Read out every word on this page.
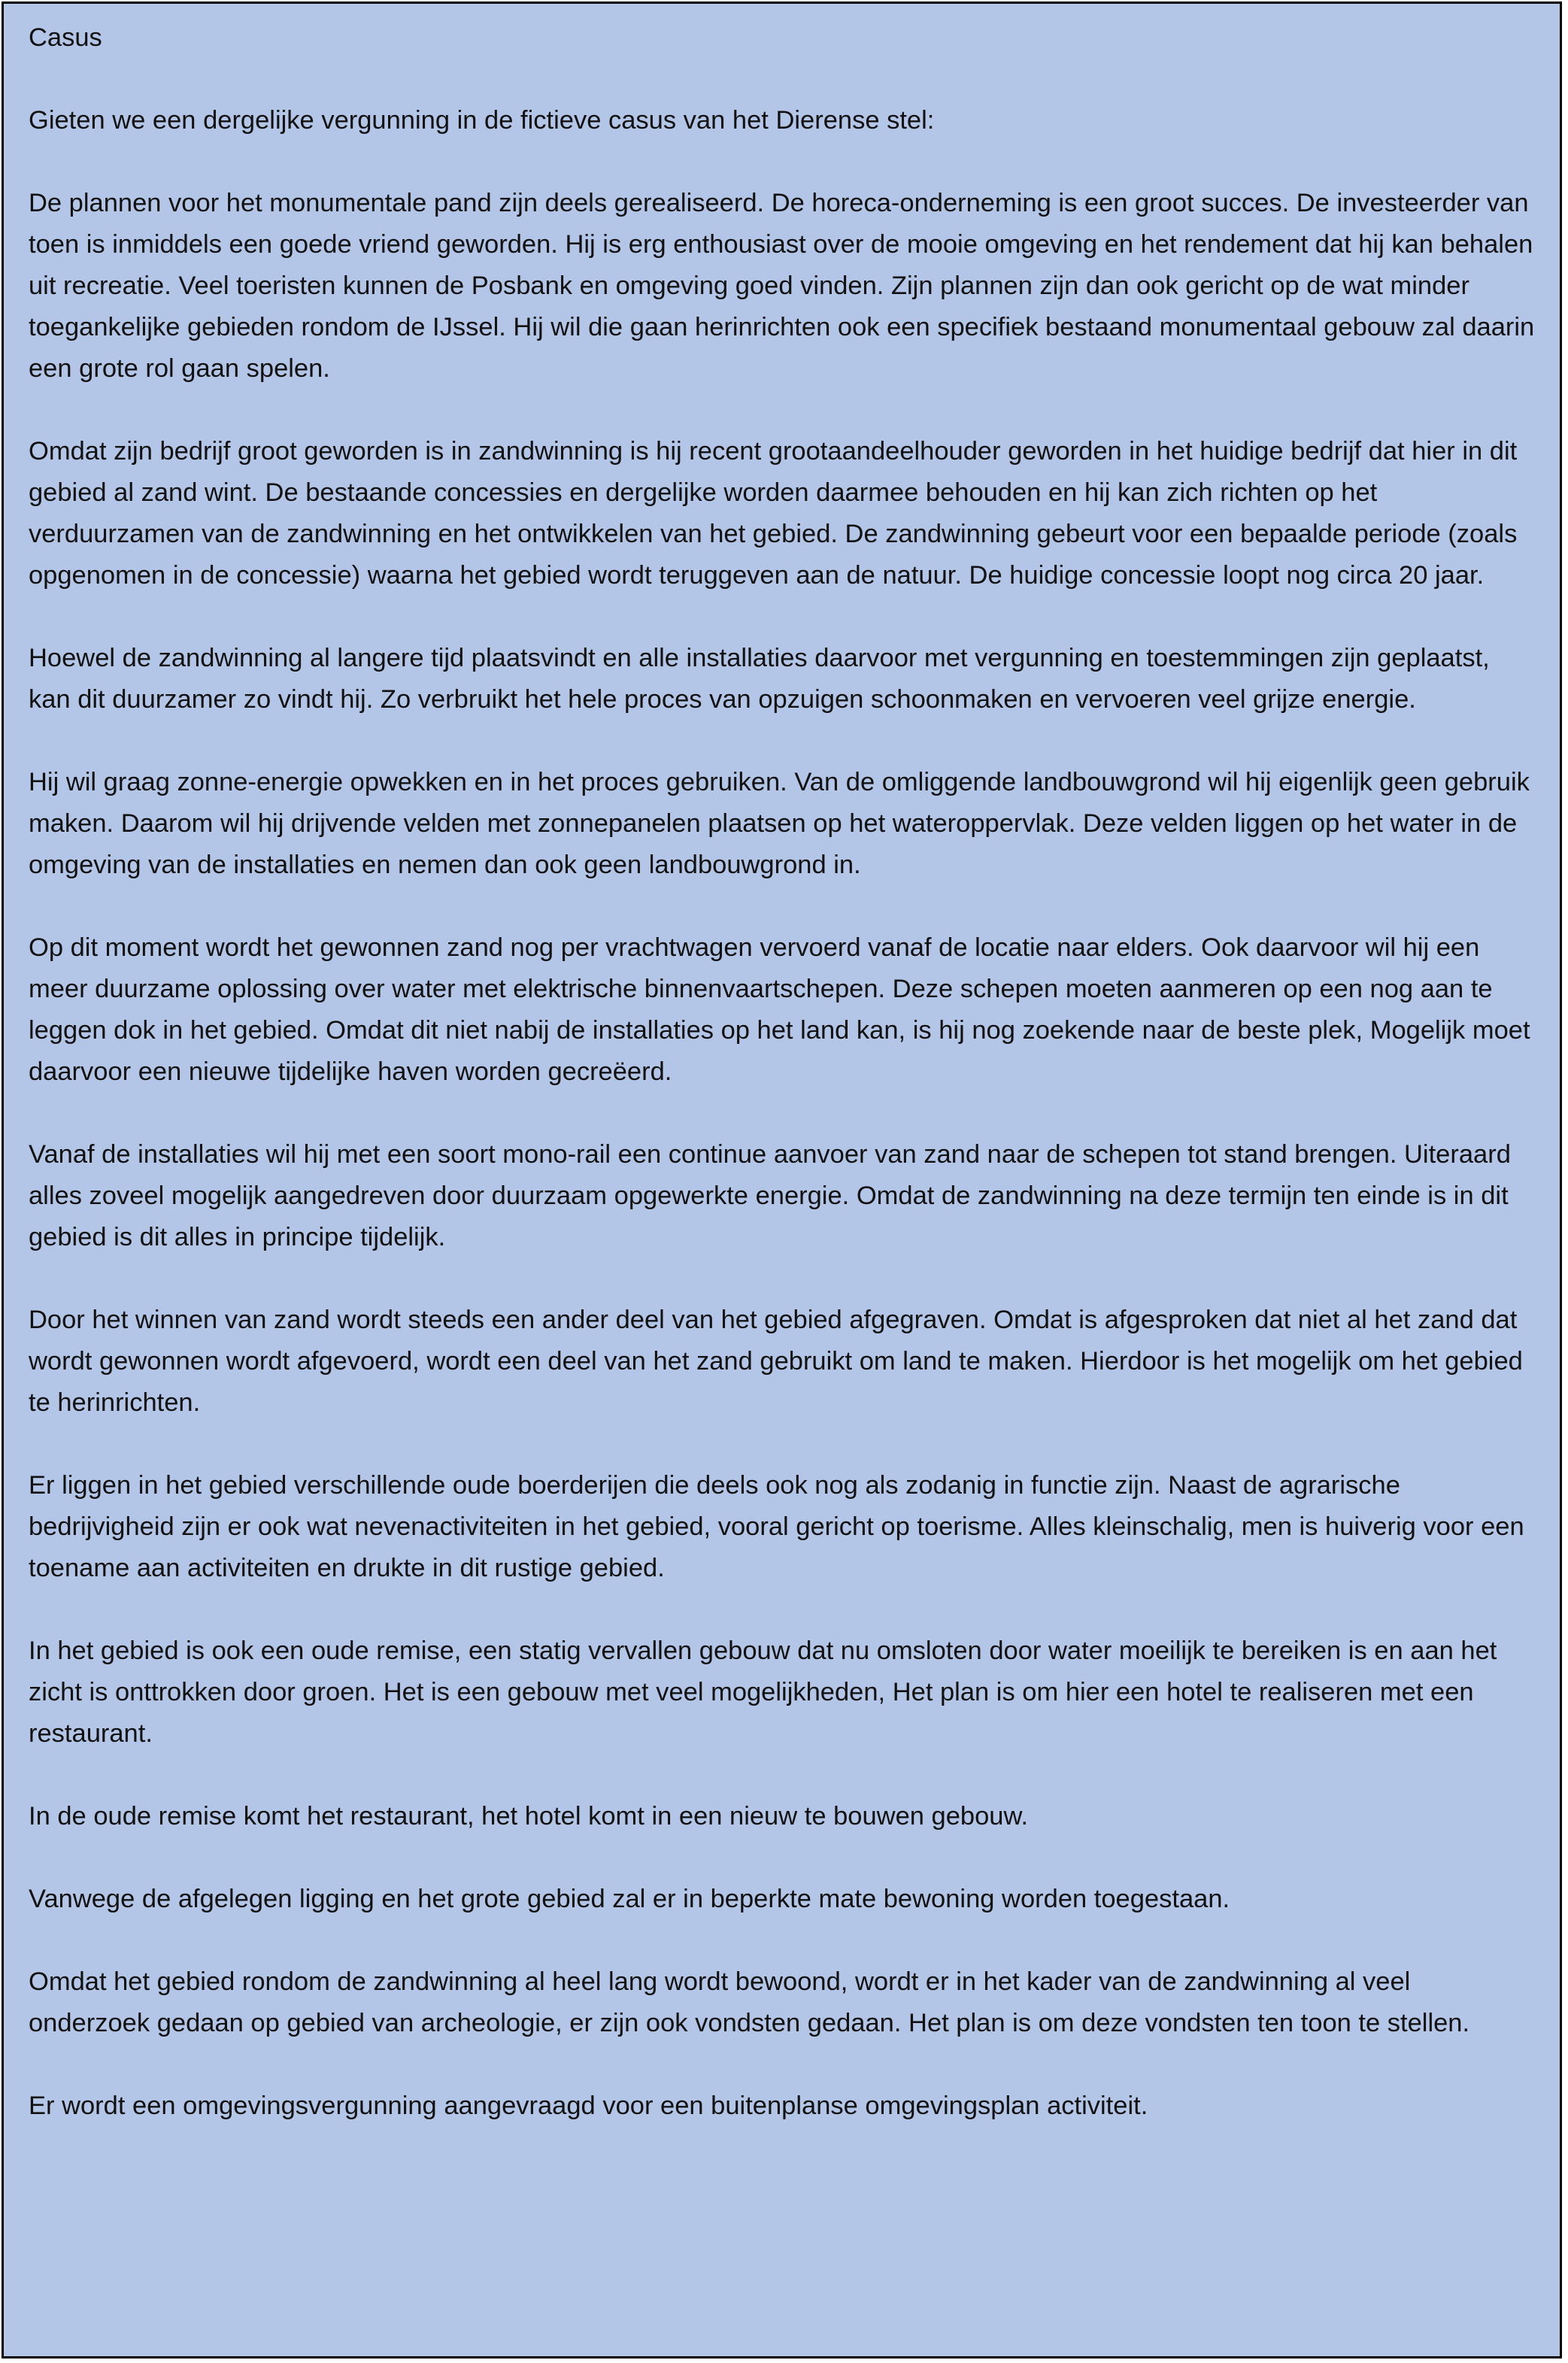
Casus

Gieten we een dergelijke vergunning in de fictieve casus van het Dierense stel:

De plannen voor het monumentale pand zijn deels gerealiseerd. De horeca-onderneming is een groot succes. De investeerder van toen is inmiddels een goede vriend geworden. Hij is erg enthousiast over de mooie omgeving en het rendement dat hij kan behalen uit recreatie. Veel toeristen kunnen de Posbank en omgeving goed vinden. Zijn plannen zijn dan ook gericht op de wat minder toegankelijke gebieden rondom de IJssel. Hij wil die gaan herinrichten ook een specifiek bestaand monumentaal gebouw zal daarin een grote rol gaan spelen.

Omdat zijn bedrijf groot geworden is in zandwinning is hij recent grootaandeelhouder geworden in het huidige bedrijf dat hier in dit gebied al zand wint. De bestaande concessies en dergelijke worden daarmee behouden en hij kan zich richten op het verduurzamen van de zandwinning en het ontwikkelen van het gebied. De zandwinning gebeurt voor een bepaalde periode (zoals opgenomen in de concessie) waarna het gebied wordt teruggeven aan de natuur. De huidige concessie loopt nog circa 20 jaar.

Hoewel de zandwinning al langere tijd plaatsvindt en alle installaties daarvoor met vergunning en toestemmingen zijn geplaatst, kan dit duurzamer zo vindt hij. Zo verbruikt het hele proces van opzuigen schoonmaken en vervoeren veel grijze energie.

Hij wil graag zonne-energie opwekken en in het proces gebruiken. Van de omliggende landbouwgrond wil hij eigenlijk geen gebruik maken. Daarom wil hij drijvende velden met zonnepanelen plaatsen op het wateroppervlak. Deze velden liggen op het water in de omgeving van de installaties en nemen dan ook geen landbouwgrond in.

Op dit moment wordt het gewonnen zand nog per vrachtwagen vervoerd vanaf de locatie naar elders. Ook daarvoor wil hij een meer duurzame oplossing over water met elektrische binnenvaartschepen. Deze schepen moeten aanmeren op een nog aan te leggen dok in het gebied. Omdat dit niet nabij de installaties op het land kan, is hij nog zoekende naar de beste plek, Mogelijk moet daarvoor een nieuwe tijdelijke haven worden gecreëerd.

Vanaf de installaties wil hij met een soort mono-rail een continue aanvoer van zand naar de schepen tot stand brengen. Uiteraard alles zoveel mogelijk aangedreven door duurzaam opgewerkte energie. Omdat de zandwinning na deze termijn ten einde is in dit gebied is dit alles in principe tijdelijk.

Door het winnen van zand wordt steeds een ander deel van het gebied afgegraven. Omdat is afgesproken dat niet al het zand dat wordt gewonnen wordt afgevoerd, wordt een deel van het zand gebruikt om land te maken. Hierdoor is het mogelijk om het gebied te herinrichten.

Er liggen in het gebied verschillende oude boerderijen die deels ook nog als zodanig in functie zijn. Naast de agrarische bedrijvigheid zijn er ook wat nevenactiviteiten in het gebied, vooral gericht op toerisme. Alles kleinschalig, men is huiverig voor een toename aan activiteiten en drukte in dit rustige gebied.

In het gebied is ook een oude remise, een statig vervallen gebouw dat nu omsloten door water moeilijk te bereiken is en aan het zicht is onttrokken door groen. Het is een gebouw met veel mogelijkheden, Het plan is om hier een hotel te realiseren met een restaurant.

In de oude remise komt het restaurant, het hotel komt in een nieuw te bouwen gebouw.

Vanwege de afgelegen ligging en het grote gebied zal er in beperkte mate bewoning worden toegestaan.

Omdat het gebied rondom de zandwinning al heel lang wordt bewoond, wordt er in het kader van de zandwinning al veel onderzoek gedaan op gebied van archeologie, er zijn ook vondsten gedaan. Het plan is om deze vondsten ten toon te stellen.

Er wordt een omgevingsvergunning aangevraagd voor een buitenplanse omgevingsplan activiteit.
